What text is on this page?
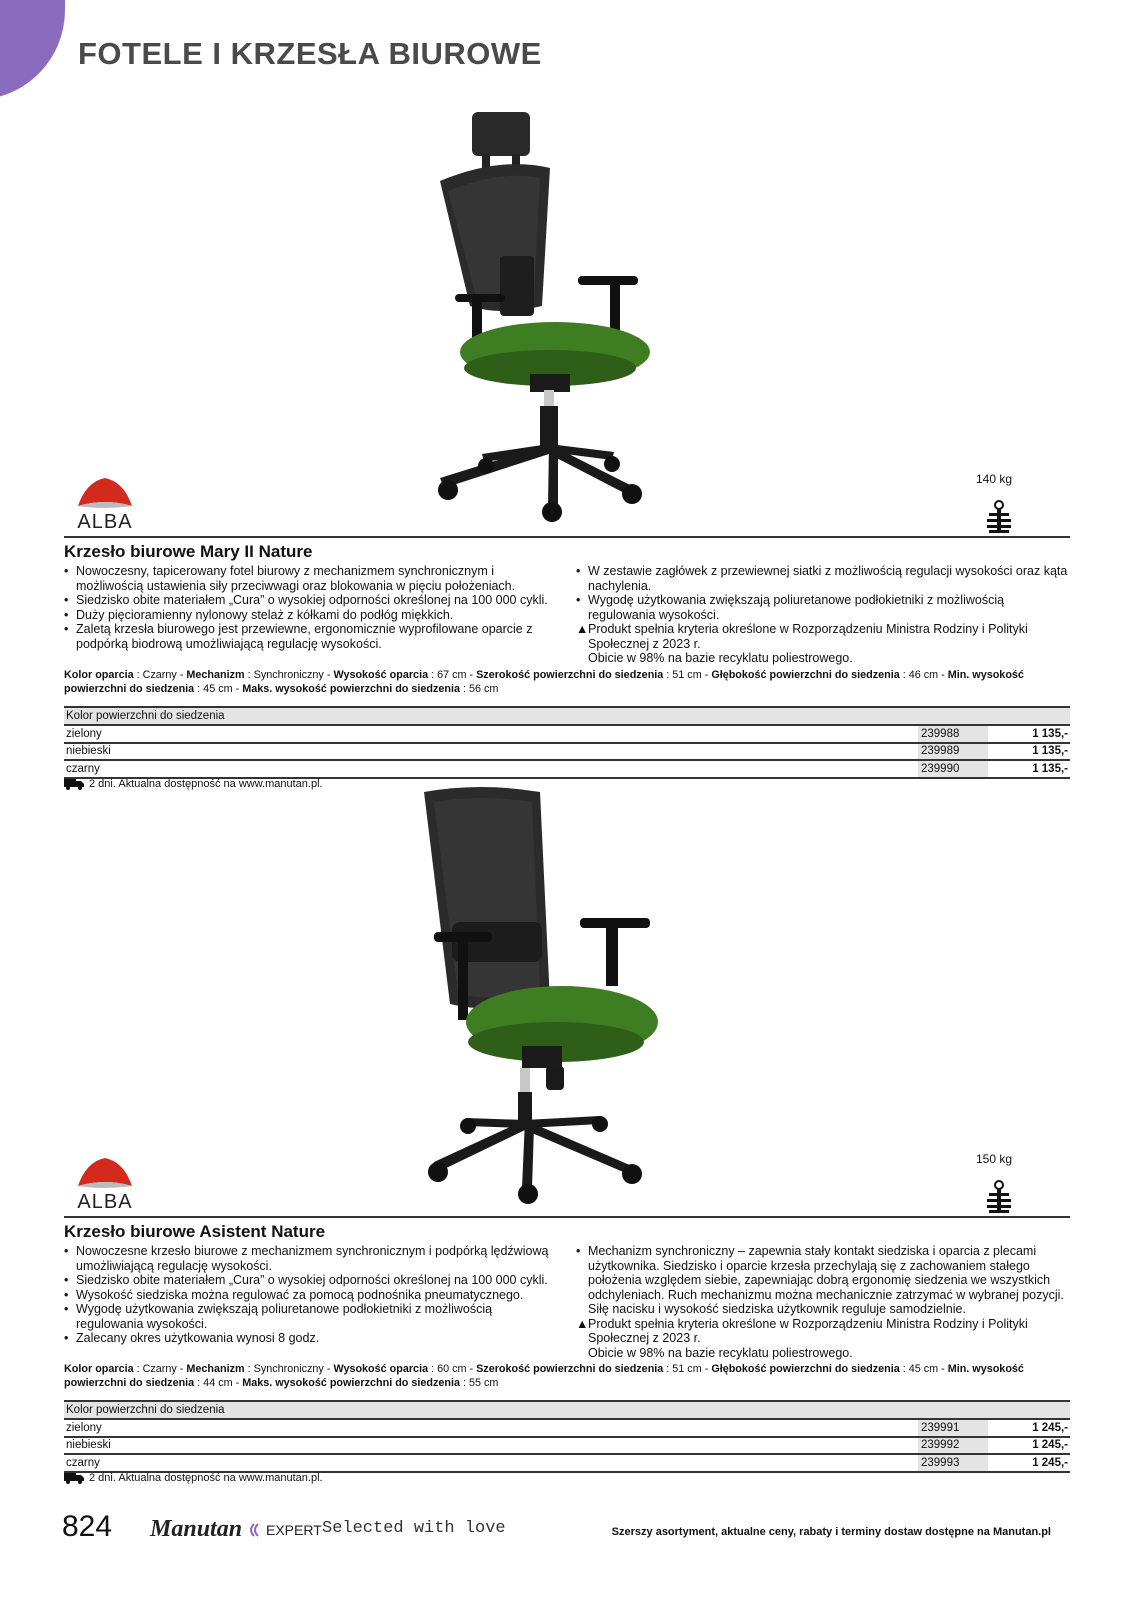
FOTELE I KRZESŁA BIUROWE
ALBA
140 kg
Krzesło biurowe Mary II Nature
• Nowoczesny, tapicerowany fotel biurowy z mechanizmem synchronicznym i możliwością ustawienia siły przeciwwagi oraz blokowania w pięciu położeniach.
• Siedzisko obite materiałem „Cura” o wysokiej odporności określonej na 100 000 cykli.
• Duży pięcioramienny nylonowy stelaż z kółkami do podłóg miękkich.
• Zaletą krzesła biurowego jest przewiewne, ergonomicznie wyprofilowane oparcie z podpórką biodrową umożliwiającą regulację wysokości.
• W zestawie zagłówek z przewiewnej siatki z możliwością regulacji wysokości oraz kąta nachylenia.
• Wygodę użytkowania zwiększają poliuretanowe podłokietniki z możliwością regulowania wysokości.
▲ Produkt spełnia kryteria określone w Rozporządzeniu Ministra Rodziny i Polityki Społecznej z 2023 r.
Obicie w 98% na bazie recyklatu poliestrowego.
Kolor oparcia : Czarny - Mechanizm : Synchroniczny - Wysokość oparcia : 67 cm - Szerokość powierzchni do siedzenia : 51 cm - Głębokość powierzchni do siedzenia : 46 cm - Min. wysokość powierzchni do siedzenia : 45 cm - Maks. wysokość powierzchni do siedzenia : 56 cm
Kolor powierzchni do siedzenia		
zielony	239988	1 135,-
niebieski	239989	1 135,-
czarny	239990	1 135,-
2 dni. Aktualna dostępność na www.manutan.pl.
ALBA
150 kg
Krzesło biurowe Asistent Nature
• Nowoczesne krzesło biurowe z mechanizmem synchronicznym i podpórką lędźwiową umożliwiającą regulację wysokości.
• Siedzisko obite materiałem „Cura” o wysokiej odporności określonej na 100 000 cykli.
• Wysokość siedziska można regulować za pomocą podnośnika pneumatycznego.
• Wygodę użytkowania zwiększają poliuretanowe podłokietniki z możliwością regulowania wysokości.
• Zalecany okres użytkowania wynosi 8 godz.
• Mechanizm synchroniczny – zapewnia stały kontakt siedziska i oparcia z plecami użytkownika. Siedzisko i oparcie krzesła przechylają się z zachowaniem stałego położenia względem siebie, zapewniając dobrą ergonomię siedzenia we wszystkich odchyleniach. Ruch mechanizmu można mechanicznie zatrzymać w wybranej pozycji. Siłę nacisku i wysokość siedziska użytkownik reguluje samodzielnie.
▲ Produkt spełnia kryteria określone w Rozporządzeniu Ministra Rodziny i Polityki Społecznej z 2023 r.
Obicie w 98% na bazie recyklatu poliestrowego.
Kolor oparcia : Czarny - Mechanizm : Synchroniczny - Wysokość oparcia : 60 cm - Szerokość powierzchni do siedzenia : 51 cm - Głębokość powierzchni do siedzenia : 45 cm - Min. wysokość powierzchni do siedzenia : 44 cm - Maks. wysokość powierzchni do siedzenia : 55 cm
Kolor powierzchni do siedzenia		
zielony	239991	1 245,-
niebieski	239992	1 245,-
czarny	239993	1 245,-
2 dni. Aktualna dostępność na www.manutan.pl.
824 Manutan EXPERT Selected with love	Szerszy asortyment, aktualne ceny, rabaty i terminy dostaw dostępne na Manutan.pl
